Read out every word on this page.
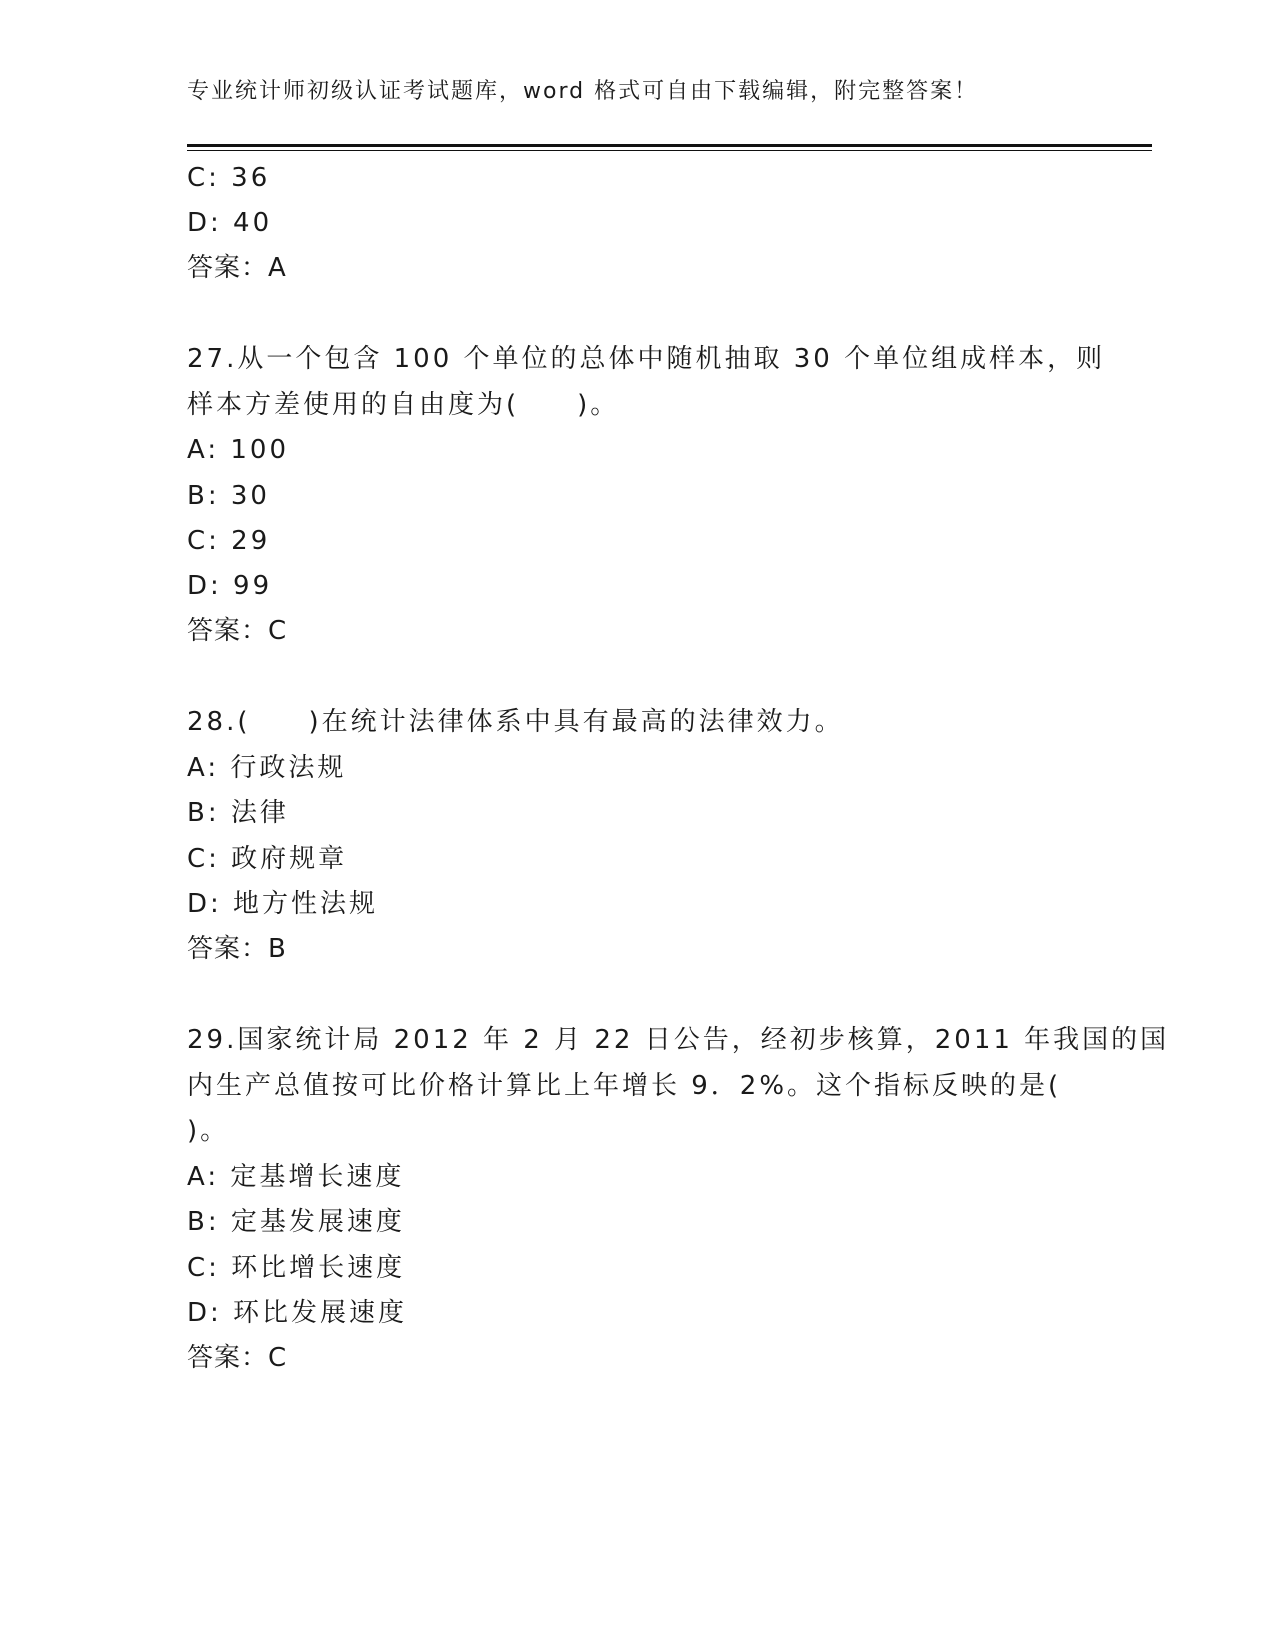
专业统计师初级认证考试题库，word 格式可自由下载编辑，附完整答案！
C: 36
D: 40
答案：A
27.从一个包含 100 个单位的总体中随机抽取 30 个单位组成样本，则
样本方差使用的自由度为(　　)。
A: 100
B: 30
C: 29
D: 99
答案：C
28.(　　)在统计法律体系中具有最高的法律效力。
A: 行政法规
B: 法律
C: 政府规章
D: 地方性法规
答案：B
29.国家统计局 2012 年 2 月 22 日公告，经初步核算，2011 年我国的国
内生产总值按可比价格计算比上年增长 9．2%。这个指标反映的是(
)。
A: 定基增长速度
B: 定基发展速度
C: 环比增长速度
D: 环比发展速度
答案：C
